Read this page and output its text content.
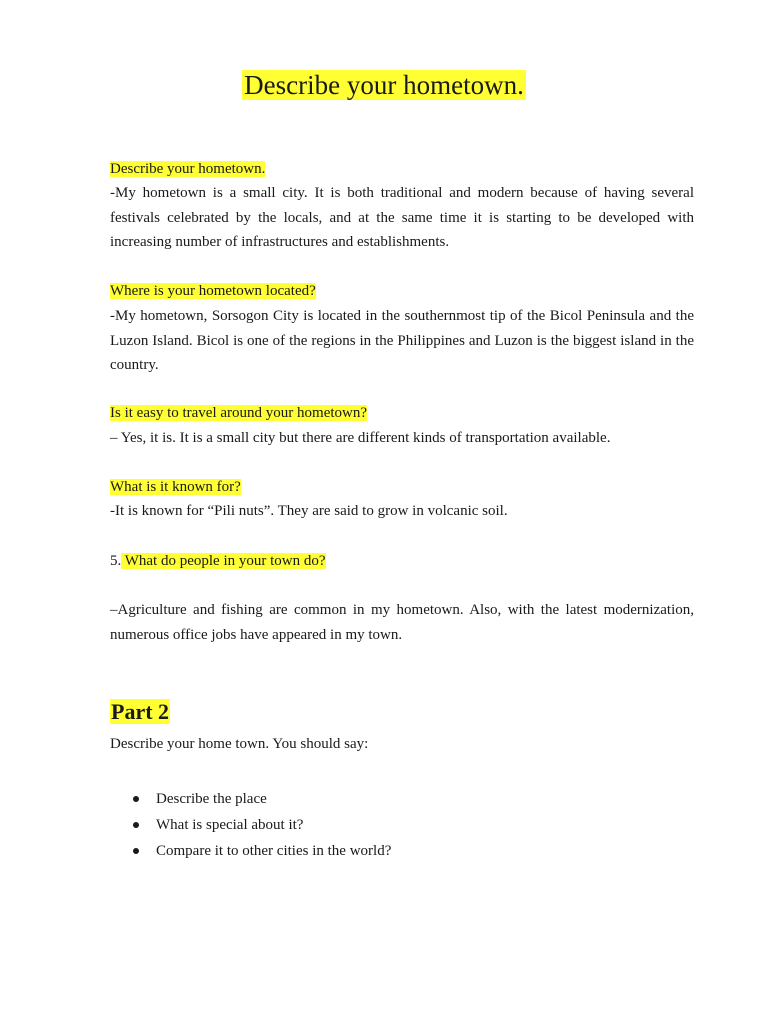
Describe your hometown.
Describe your hometown.
-My hometown is a small city. It is both traditional and modern because of having several festivals celebrated by the locals, and at the same time it is starting to be developed with increasing number of infrastructures and establishments.
Where is your hometown located?
-My hometown, Sorsogon City is located in the southernmost tip of the Bicol Peninsula and the Luzon Island. Bicol is one of the regions in the Philippines and Luzon is the biggest island in the country.
Is it easy to travel around your hometown?
– Yes, it is. It is a small city but there are different kinds of transportation available.
What is it known for?
-It is known for “Pili nuts”. They are said to grow in volcanic soil.
5. What do people in your town do?
–Agriculture and fishing are common in my hometown. Also, with the latest modernization, numerous office jobs have appeared in my town.
Part 2
Describe your home town. You should say:
Describe the place
What is special about it?
Compare it to other cities in the world?
